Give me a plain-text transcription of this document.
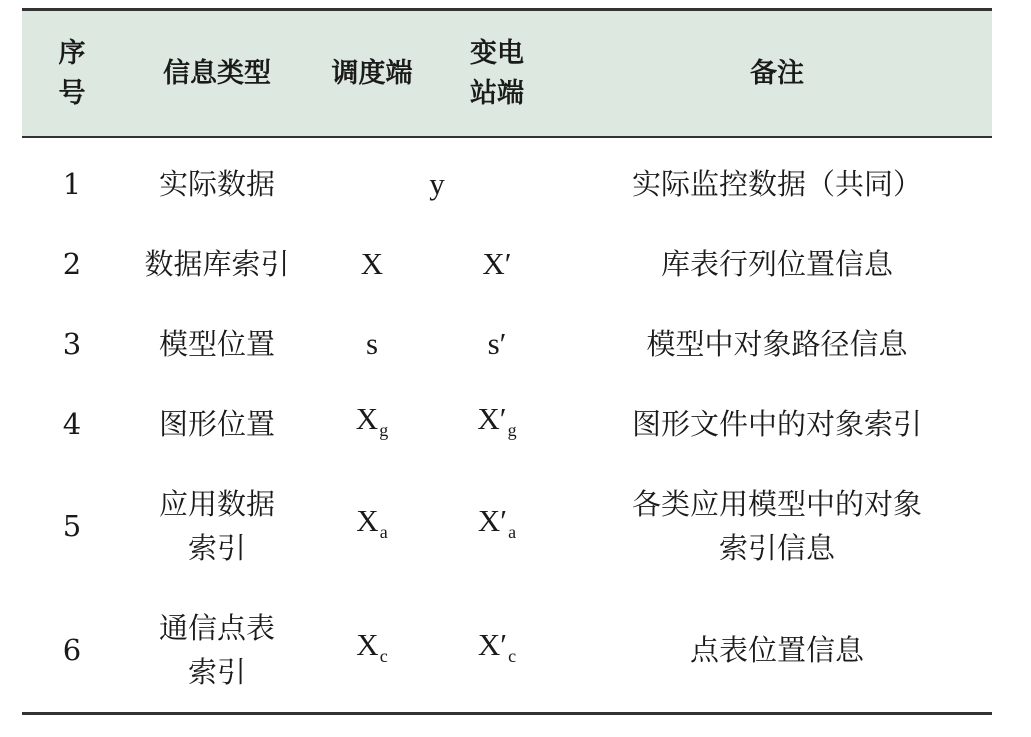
序号	信息类型	调度端	变电站端	备注
1	实际数据	y		实际监控数据（共同）
2	数据库索引	X	X′	库表行列位置信息
3	模型位置	s	s′	模型中对象路径信息
4	图形位置	$X_g$	$X'_g$	图形文件中的对象索引
5	应用数据索引	$X_a$	$X'_a$	各类应用模型中的对象索引信息
6	通信点表索引	$X_c$	$X'_c$	点表位置信息
